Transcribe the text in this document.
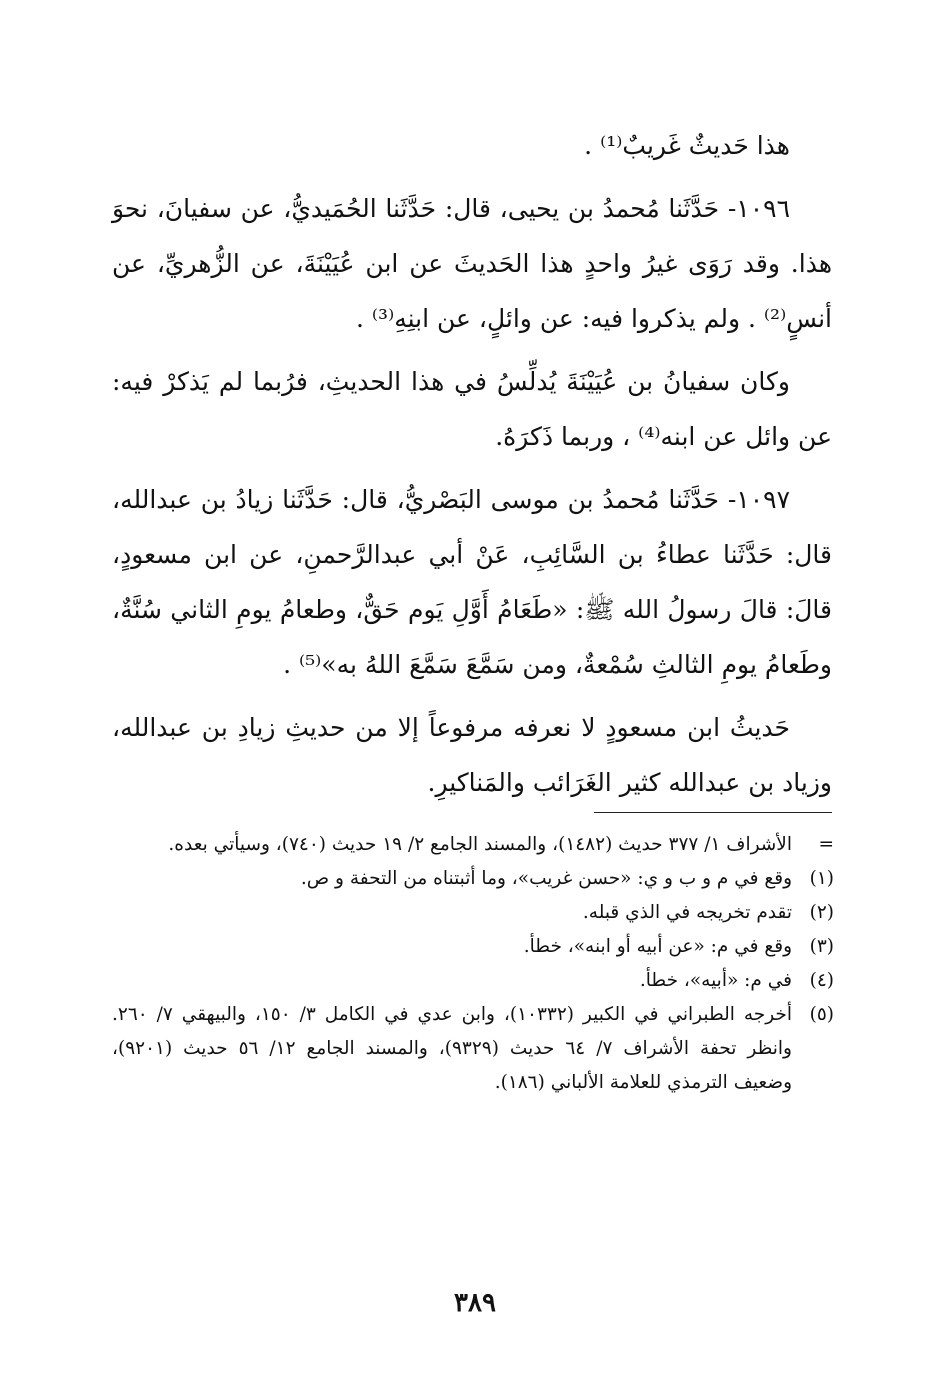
هذا حَديثٌ غَريبٌ⁽¹⁾ .

١٠٩٦- حَدَّثَنا مُحمدُ بن يحيى، قال: حَدَّثَنا الحُمَيديُّ، عن سفيانَ، نحوَ هذا. وقد رَوَى غيرُ واحدٍ هذا الحَديثَ عن ابن عُيَيْنَةَ، عن الزُّهريِّ، عن أنسٍ⁽²⁾ . ولم يذكروا فيه: عن وائلٍ، عن ابنِهِ⁽³⁾ .

وكان سفيانُ بن عُيَيْنَةَ يُدلِّسُ في هذا الحديثِ، فرُبما لم يَذكرْ فيه: عن وائل عن ابنه⁽⁴⁾ ، وربما ذَكرَهُ.

١٠٩٧- حَدَّثَنا مُحمدُ بن موسى البَصْريُّ، قال: حَدَّثَنا زيادُ بن عبدالله، قال: حَدَّثَنا عطاءُ بن السَّائِبِ، عَنْ أبي عبدالرَّحمنِ، عن ابن مسعودٍ، قالَ: قالَ رسولُ الله ﷺ: «طَعَامُ أَوَّلِ يَوم حَقٌّ، وطعامُ يومِ الثاني سُنَّةٌ، وطَعامُ يومِ الثالثِ سُمْعةٌ، ومن سَمَّعَ سَمَّعَ اللهُ به»⁽⁵⁾ .

حَديثُ ابن مسعودٍ لا نعرفه مرفوعاً إلا من حديثِ زيادِ بن عبدالله، وزياد بن عبدالله كثير الغَرَائب والمَناكيرِ.

=
الأشراف ١/ ٣٧٧ حديث (١٤٨٢)، والمسند الجامع ٢/ ١٩ حديث (٧٤٠)، وسيأتي بعده.
(١)
وقع في م و ب و ي: «حسن غريب»، وما أثبتناه من التحفة و ص.
(٢)
تقدم تخريجه في الذي قبله.
(٣)
وقع في م: «عن أبيه أو ابنه»، خطأ.
(٤)
في م: «أبيه»، خطأ.
(٥)
أخرجه الطبراني في الكبير (١٠٣٣٢)، وابن عدي في الكامل ٣/ ١٥٠، والبيهقي ٧/ ٢٦٠. وانظر تحفة الأشراف ٧/ ٦٤ حديث (٩٣٢٩)، والمسند الجامع ١٢/ ٥٦ حديث (٩٢٠١)، وضعيف الترمذي للعلامة الألباني (١٨٦).
٣٨٩
